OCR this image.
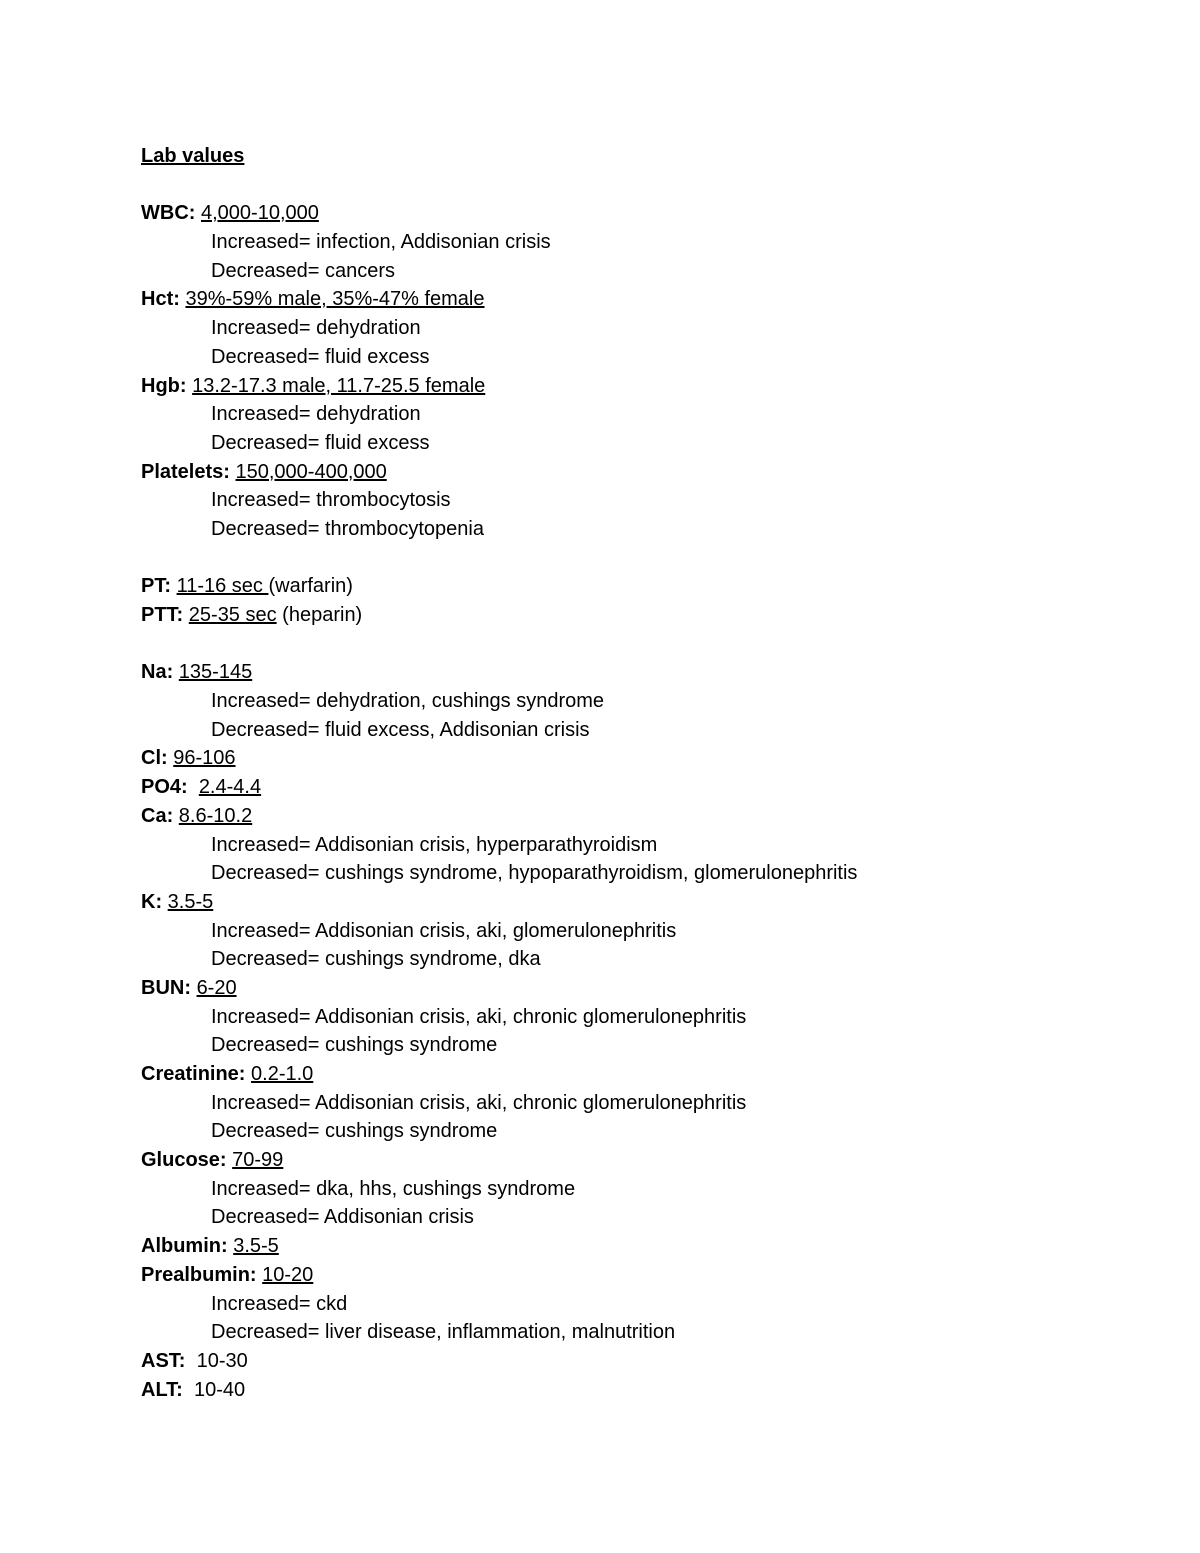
Lab values
WBC: 4,000-10,000
Increased= infection, Addisonian crisis
Decreased= cancers
Hct: 39%-59% male, 35%-47% female
Increased= dehydration
Decreased= fluid excess
Hgb: 13.2-17.3 male, 11.7-25.5 female
Increased= dehydration
Decreased= fluid excess
Platelets: 150,000-400,000
Increased= thrombocytosis
Decreased= thrombocytopenia
PT: 11-16 sec (warfarin)
PTT: 25-35 sec (heparin)
Na: 135-145
Increased= dehydration, cushings syndrome
Decreased= fluid excess, Addisonian crisis
Cl: 96-106
PO4:  2.4-4.4
Ca: 8.6-10.2
Increased= Addisonian crisis, hyperparathyroidism
Decreased= cushings syndrome, hypoparathyroidism, glomerulonephritis
K: 3.5-5
Increased= Addisonian crisis, aki, glomerulonephritis
Decreased= cushings syndrome, dka
BUN: 6-20
Increased= Addisonian crisis, aki, chronic glomerulonephritis
Decreased= cushings syndrome
Creatinine: 0.2-1.0
Increased= Addisonian crisis, aki, chronic glomerulonephritis
Decreased= cushings syndrome
Glucose: 70-99
Increased= dka, hhs, cushings syndrome
Decreased= Addisonian crisis
Albumin: 3.5-5
Prealbumin: 10-20
Increased= ckd
Decreased= liver disease, inflammation, malnutrition
AST:  10-30
ALT:  10-40
